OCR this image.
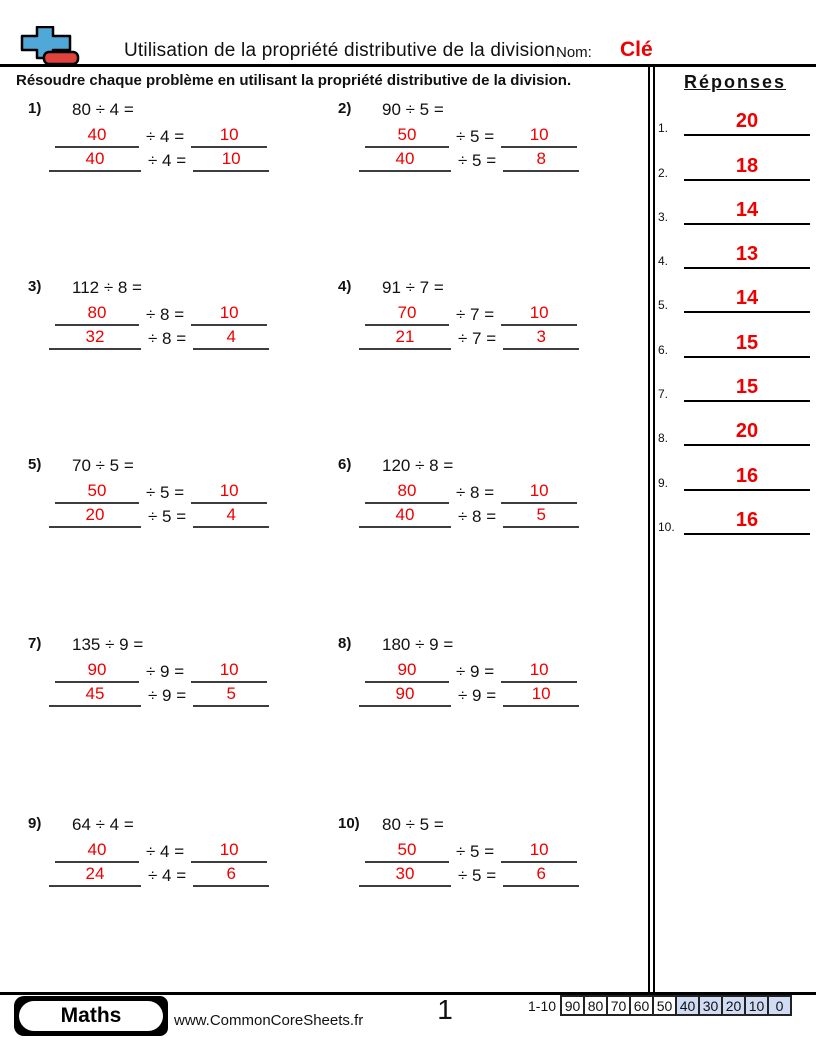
Utilisation de la propriété distributive de la division Nom: Clé
Résoudre chaque problème en utilisant la propriété distributive de la division.
1)	80 ÷ 4 =
40	÷ 4 =	10
40	÷ 4 =	10
2)	90 ÷ 5 =
50	÷ 5 =	10
40	÷ 5 =	8
3)	112 ÷ 8 =
80	÷ 8 =	10
32	÷ 8 =	4
4)	91 ÷ 7 =
70	÷ 7 =	10
21	÷ 7 =	3
5)	70 ÷ 5 =
50	÷ 5 =	10
20	÷ 5 =	4
6)	120 ÷ 8 =
80	÷ 8 =	10
40	÷ 8 =	5
7)	135 ÷ 9 =
90	÷ 9 =	10
45	÷ 9 =	5
8)	180 ÷ 9 =
90	÷ 9 =	10
90	÷ 9 =	10
9)	64 ÷ 4 =
40	÷ 4 =	10
24	÷ 4 =	6
10)	80 ÷ 5 =
50	÷ 5 =	10
30	÷ 5 =	6
Réponses
1.	20
2.	18
3.	14
4.	13
5.	14
6.	15
7.	15
8.	20
9.	16
10.	16
Maths	www.CommonCoreSheets.fr	1	1-10 90 80 70 60 50 40 30 20 10 0
